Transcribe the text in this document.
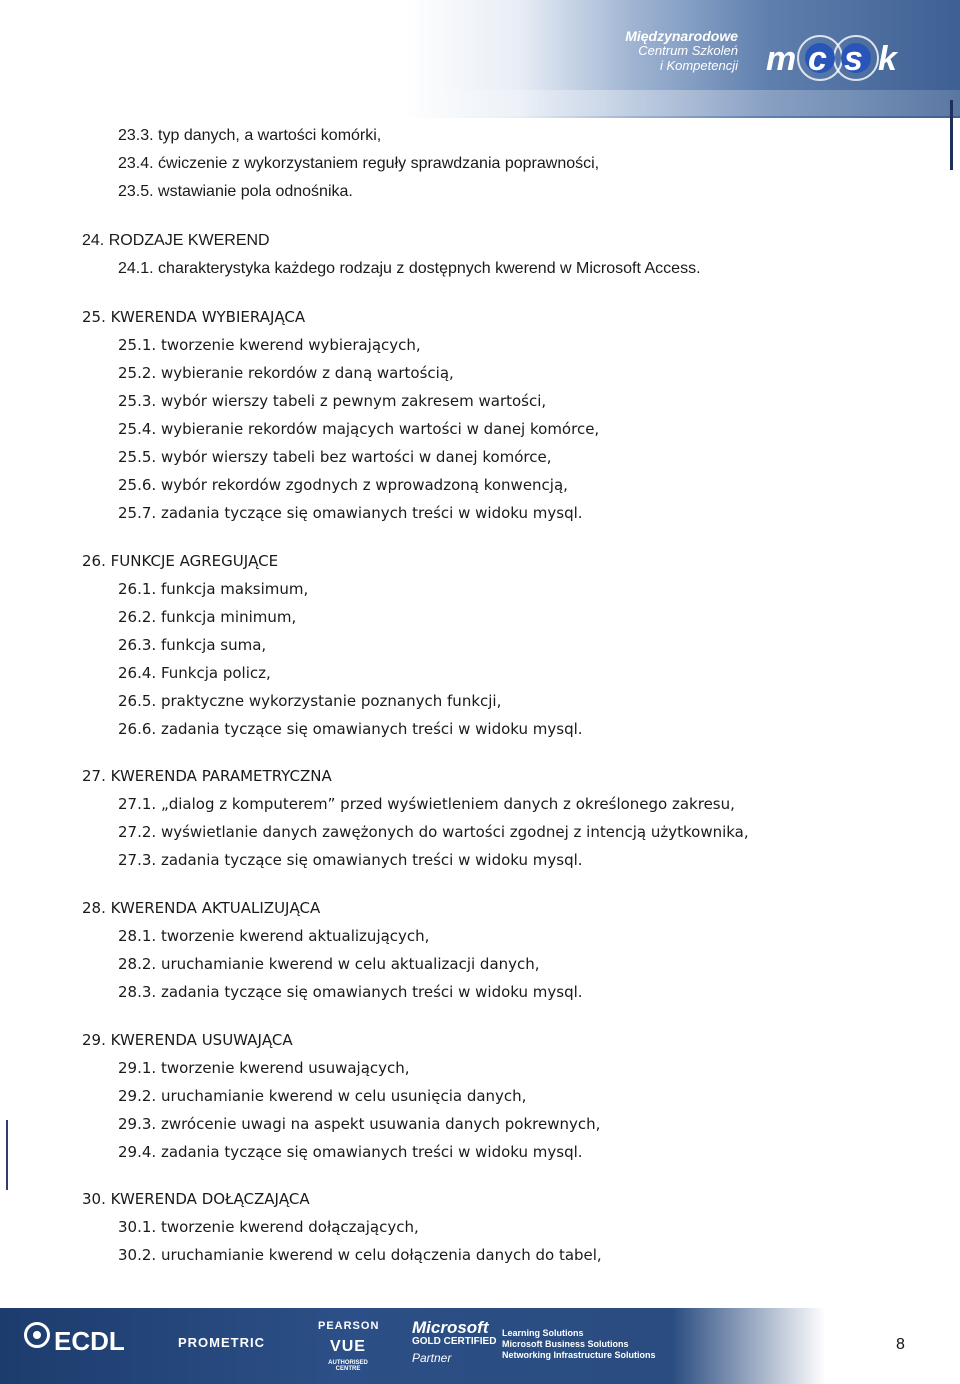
Międzynarodowe
Centrum Szkoleń
i Kompetencji m c s k
23.3. typ danych, a wartości komórki,
23.4. ćwiczenie z wykorzystaniem reguły sprawdzania poprawności,
23.5. wstawianie pola odnośnika.
24. RODZAJE KWEREND
24.1. charakterystyka każdego rodzaju z dostępnych kwerend w Microsoft Access.
25. KWERENDA WYBIERAJĄCA
25.1. tworzenie kwerend wybierających,
25.2. wybieranie rekordów z daną wartością,
25.3. wybór wierszy tabeli z pewnym zakresem wartości,
25.4. wybieranie rekordów mających wartości w danej komórce,
25.5. wybór wierszy tabeli bez wartości w danej komórce,
25.6. wybór rekordów zgodnych z wprowadzoną konwencją,
25.7. zadania tyczące się omawianych treści w widoku mysql.
26. FUNKCJE AGREGUJĄCE
26.1. funkcja maksimum,
26.2. funkcja minimum,
26.3. funkcja suma,
26.4. Funkcja policz,
26.5. praktyczne wykorzystanie poznanych funkcji,
26.6. zadania tyczące się omawianych treści w widoku mysql.
27. KWERENDA PARAMETRYCZNA
27.1. „dialog z komputerem” przed wyświetleniem danych z określonego zakresu,
27.2. wyświetlanie danych zawężonych do wartości zgodnej z intencją użytkownika,
27.3. zadania tyczące się omawianych treści w widoku mysql.
28. KWERENDA AKTUALIZUJĄCA
28.1. tworzenie kwerend aktualizujących,
28.2. uruchamianie kwerend w celu aktualizacji danych,
28.3. zadania tyczące się omawianych treści w widoku mysql.
29. KWERENDA USUWAJĄCA
29.1. tworzenie kwerend usuwających,
29.2. uruchamianie kwerend w celu usunięcia danych,
29.3. zwrócenie uwagi na aspekt usuwania danych pokrewnych,
29.4. zadania tyczące się omawianych treści w widoku mysql.
30. KWERENDA DOŁĄCZAJĄCA
30.1. tworzenie kwerend dołączających,
30.2. uruchamianie kwerend w celu dołączenia danych do tabel,
ECDL	PROMETRIC
PEARSON
VUE
AUTHORISED CENTRE
Microsoft
GOLD CERTIFIED
Partner
Learning Solutions
Microsoft Business Solutions
Networking Infrastructure Solutions
8
